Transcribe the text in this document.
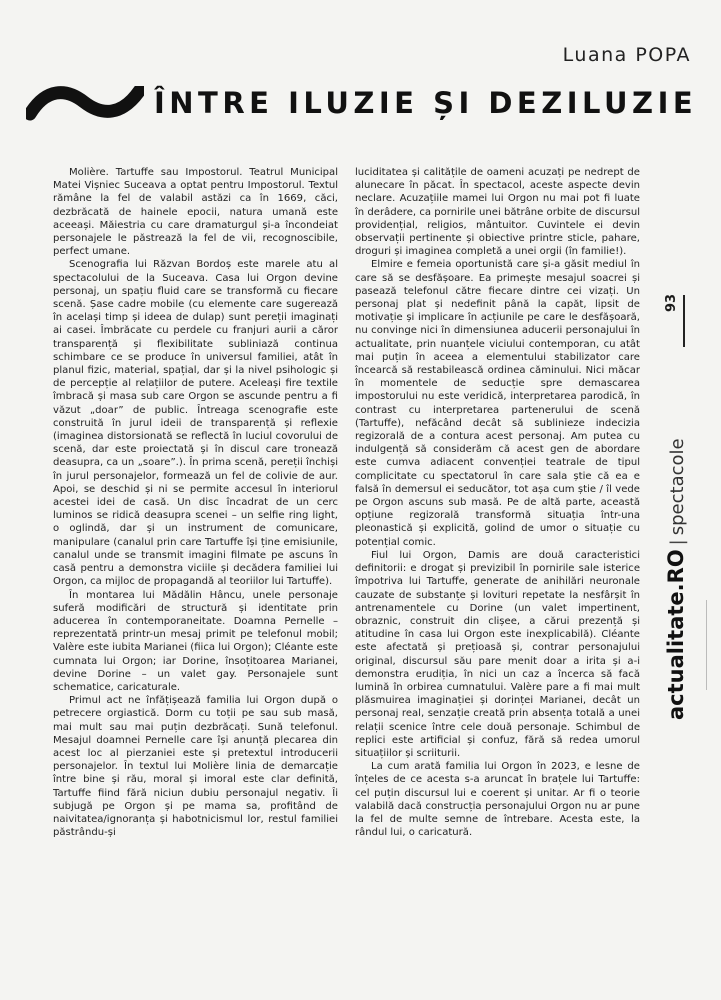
Luana POPA
ÎNTRE ILUZIE ȘI DEZILUZIE

Molière. Tartuffe sau Impostorul. Teatrul Municipal Matei Vișniec Suceava a optat pentru Impostorul. Textul rămâne la fel de valabil astăzi ca în 1669, căci, dezbrăcată de hainele epocii, natura umană este aceeași. Măiestria cu care dramaturgul și-a încondeiat personajele le păstrează la fel de vii, recognoscibile, perfect umane.

Scenografia lui Răzvan Bordoș este marele atu al spectacolului de la Suceava. Casa lui Orgon devine personaj, un spațiu fluid care se transformă cu fiecare scenă. Șase cadre mobile (cu elemente care sugerează în același timp și ideea de dulap) sunt pereții imaginați ai casei. Îmbrăcate cu perdele cu franjuri aurii a căror transparență și flexibilitate subliniază continua schimbare ce se produce în universul familiei, atât în planul fizic, material, spațial, dar și la nivel psihologic și de percepție al relațiilor de putere. Aceleași fire textile îmbracă și masa sub care Orgon se ascunde pentru a fi văzut „doar” de public. Întreaga scenografie este construită în jurul ideii de transparență și reflexie (imaginea distorsionată se reflectă în luciul covorului de scenă, dar este proiectată și în discul care tronează deasupra, ca un „soare”.). În prima scenă, pereții închiși în jurul personajelor, formează un fel de colivie de aur. Apoi, se deschid și ni se permite accesul în interiorul acestei idei de casă. Un disc încadrat de un cerc luminos se ridică deasupra scenei – un selfie ring light, o oglindă, dar și un instrument de comunicare, manipulare (canalul prin care Tartuffe își ține emisiunile, canalul unde se transmit imagini filmate pe ascuns în casă pentru a demonstra viciile și decădera familiei lui Orgon, ca mijloc de propagandă al teoriilor lui Tartuffe).

În montarea lui Mădălin Hâncu, unele personaje suferă modificări de structură și identitate prin aducerea în contemporaneitate. Doamna Pernelle – reprezentată printr-un mesaj primit pe telefonul mobil; Valère este iubita Marianei (fiica lui Orgon); Cléante este cumnata lui Orgon; iar Dorine, însoțitoarea Marianei, devine Dorine – un valet gay. Personajele sunt schematice, caricaturale.

Primul act ne înfățișează familia lui Orgon după o petrecere orgiastică. Dorm cu toții pe sau sub masă, mai mult sau mai puțin dezbrăcați. Sună telefonul. Mesajul doamnei Pernelle care își anunță plecarea din acest loc al pierzaniei este și pretextul introducerii personajelor. În textul lui Molière linia de demarcație între bine și rău, moral și imoral este clar definită, Tartuffe fiind fără niciun dubiu personajul negativ. Îi subjugă pe Orgon și pe mama sa, profitând de naivitatea/ignoranța și habotnicismul lor, restul familiei păstrându-și

luciditatea și calitățile de oameni acuzați pe nedrept de alunecare în păcat. În spectacol, aceste aspecte devin neclare. Acuzațiile mamei lui Orgon nu mai pot fi luate în derâdere, ca pornirile unei bătrâne orbite de discursul providențial, religios, mântuitor. Cuvintele ei devin observații pertinente și obiective printre sticle, pahare, droguri și imaginea completă a unei orgii (în familie!).

Elmire e femeia oportunistă care și-a găsit mediul în care să se desfășoare. Ea primește mesajul soacrei și pasează telefonul către fiecare dintre cei vizați. Un personaj plat și nedefinit până la capăt, lipsit de motivație și implicare în acțiunile pe care le desfășoară, nu convinge nici în dimensiunea aducerii personajului în actualitate, prin nuanțele viciului contemporan, cu atât mai puțin în aceea a elementului stabilizator care încearcă să restabilească ordinea căminului. Nici măcar în momentele de seducție spre demascarea impostorului nu este veridică, interpretarea parodică, în contrast cu interpretarea partenerului de scenă (Tartuffe), nefăcând decât să sublinieze indecizia regizorală de a contura acest personaj. Am putea cu indulgență să considerăm că acest gen de abordare este cumva adiacent convenției teatrale de tipul complicitate cu spectatorul în care sala știe că ea e falsă în demersul ei seducător, tot așa cum știe / îl vede pe Orgon ascuns sub masă. Pe de altă parte, această opțiune regizorală transformă situația într-una pleonastică și explicită, golind de umor o situație cu potențial comic.

Fiul lui Orgon, Damis are două caracteristici definitorii: e drogat și previzibil în pornirile sale isterice împotriva lui Tartuffe, generate de anihilări neuronale cauzate de substanțe și lovituri repetate la nesfârșit în antrenamentele cu Dorine (un valet impertinent, obraznic, construit din clișee, a cărui prezență și atitudine în casa lui Orgon este inexplicabilă). Cléante este afectată și prețioasă și, contrar personajului original, discursul său pare menit doar a irita și a-i demonstra erudiția, în nici un caz a încerca să facă lumină în orbirea cumnatului. Valère pare a fi mai mult plăsmuirea imaginației și dorinței Marianei, decât un personaj real, senzație creată prin absența totală a unei relații scenice între cele două personaje. Schimbul de replici este artificial și confuz, fără să redea umorul situațiilor și scriiturii.

La cum arată familia lui Orgon în 2023, e lesne de înțeles de ce acesta s-a aruncat în brațele lui Tartuffe: cel puțin discursul lui e coerent și unitar. Ar fi o teorie valabilă dacă construcția personajului Orgon nu ar pune la fel de multe semne de întrebare. Acesta este, la rândul lui, o caricatură.

93
actualitate.RO|spectacole
